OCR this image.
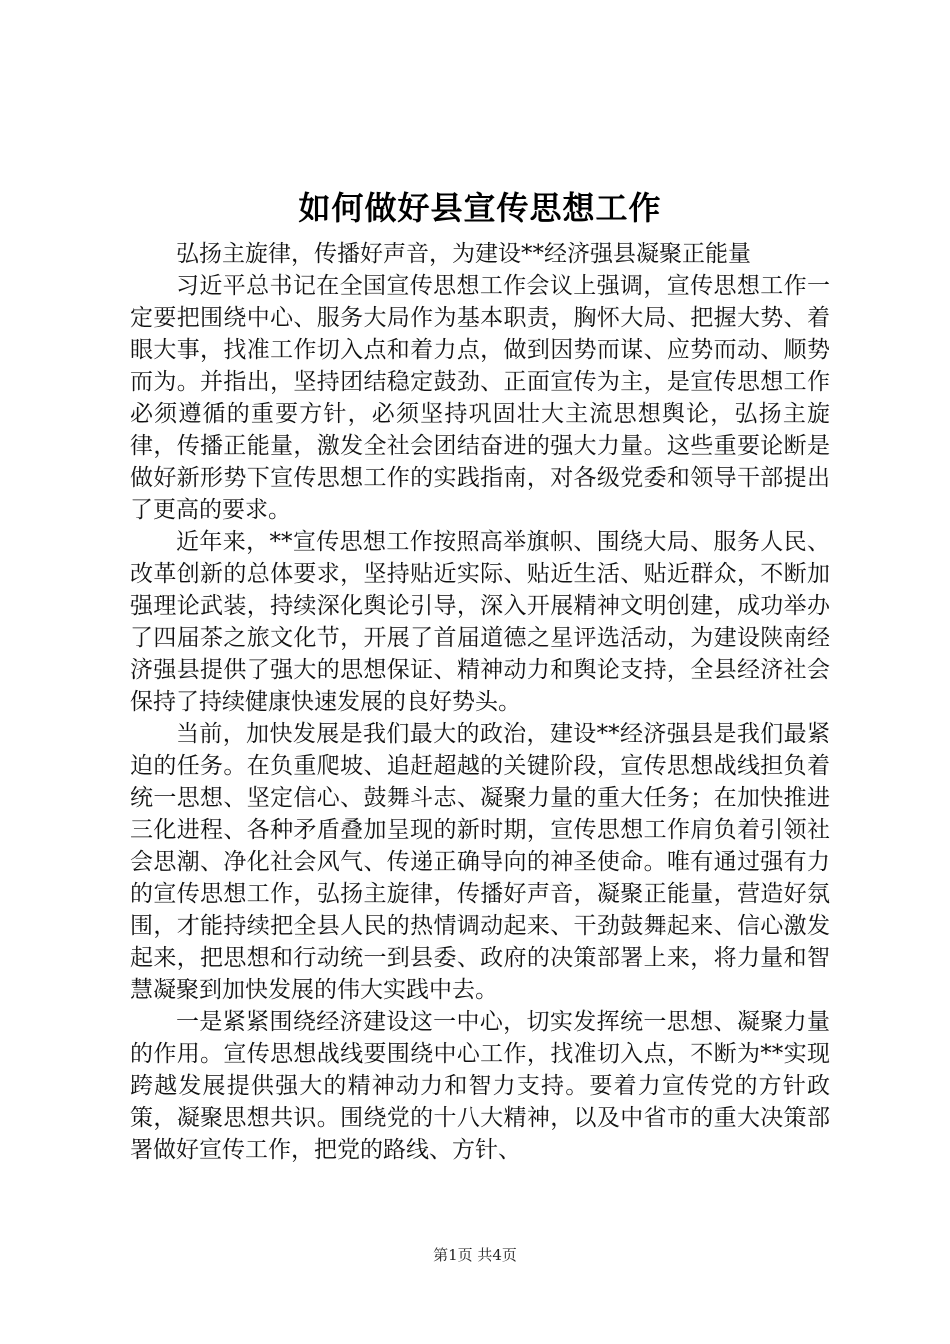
如何做好县宣传思想工作

弘扬主旋律，传播好声音，为建设**经济强县凝聚正能量

习近平总书记在全国宣传思想工作会议上强调，宣传思想工作一定要把围绕中心、服务大局作为基本职责，胸怀大局、把握大势、着眼大事，找准工作切入点和着力点，做到因势而谋、应势而动、顺势而为。并指出，坚持团结稳定鼓劲、正面宣传为主，是宣传思想工作必须遵循的重要方针，必须坚持巩固壮大主流思想舆论，弘扬主旋律，传播正能量，激发全社会团结奋进的强大力量。这些重要论断是做好新形势下宣传思想工作的实践指南，对各级党委和领导干部提出了更高的要求。

近年来，**宣传思想工作按照高举旗帜、围绕大局、服务人民、改革创新的总体要求，坚持贴近实际、贴近生活、贴近群众，不断加强理论武装，持续深化舆论引导，深入开展精神文明创建，成功举办了四届茶之旅文化节，开展了首届道德之星评选活动，为建设陕南经济强县提供了强大的思想保证、精神动力和舆论支持，全县经济社会保持了持续健康快速发展的良好势头。

当前，加快发展是我们最大的政治，建设**经济强县是我们最紧迫的任务。在负重爬坡、追赶超越的关键阶段，宣传思想战线担负着统一思想、坚定信心、鼓舞斗志、凝聚力量的重大任务；在加快推进三化进程、各种矛盾叠加呈现的新时期，宣传思想工作肩负着引领社会思潮、净化社会风气、传递正确导向的神圣使命。唯有通过强有力的宣传思想工作，弘扬主旋律，传播好声音，凝聚正能量，营造好氛围，才能持续把全县人民的热情调动起来、干劲鼓舞起来、信心激发起来，把思想和行动统一到县委、政府的决策部署上来，将力量和智慧凝聚到加快发展的伟大实践中去。

一是紧紧围绕经济建设这一中心，切实发挥统一思想、凝聚力量的作用。宣传思想战线要围绕中心工作，找准切入点，不断为**实现跨越发展提供强大的精神动力和智力支持。要着力宣传党的方针政策，凝聚思想共识。围绕党的十八大精神，以及中省市的重大决策部署做好宣传工作，把党的路线、方针、

第1页 共4页
